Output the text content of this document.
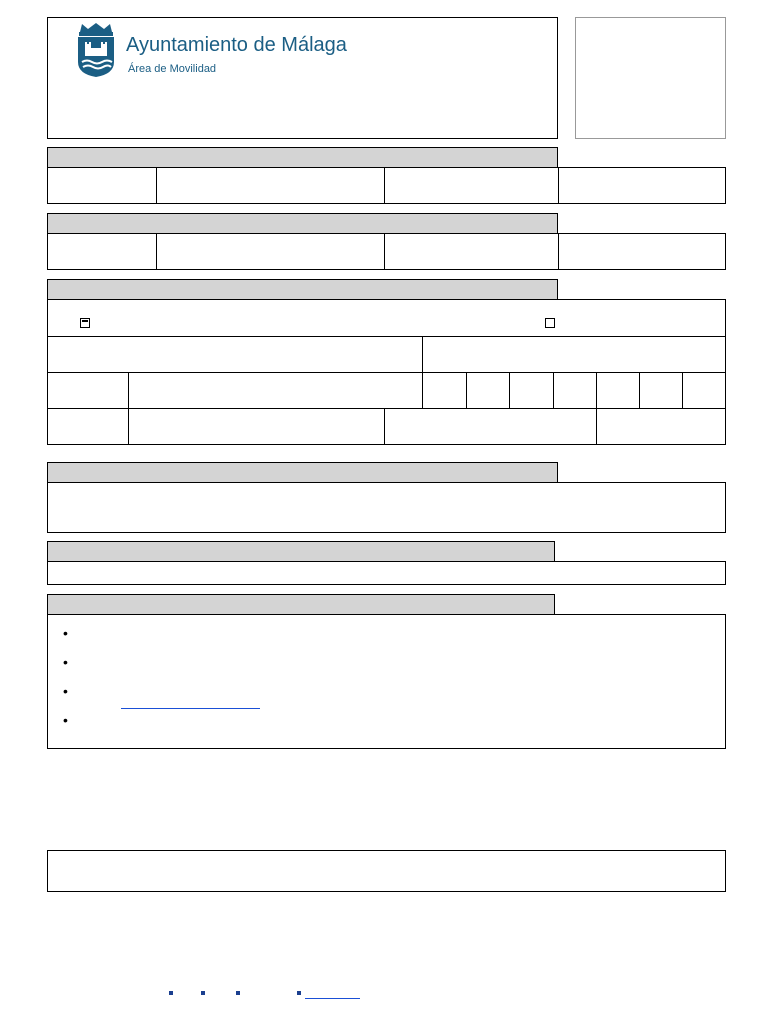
Ayuntamiento de Málaga
Área de Movilidad
•
•
•
•
